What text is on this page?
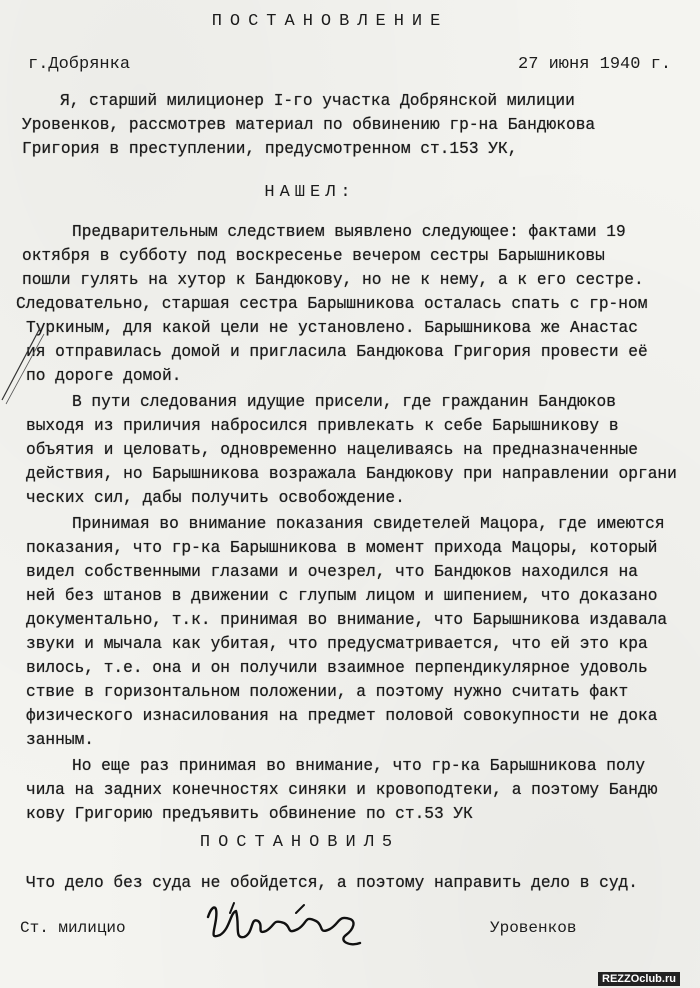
ПОСТАНОВЛЕНИЕ
г.Добрянка	27 июня 1940 г.
Я, старший милиционер I-го участка Добрянской милиции
Уровенков, рассмотрев материал по обвинению гр-на Бандюкова
Григория в преступлении, предусмотренном ст.153 УК,
НАШЕЛ:
Предварительным следствием выявлено следующее: фактами 19
октября в субботу под воскресенье вечером сестры Барышниковы
пошли гулять на хутор к Бандюкову, но не к нему, а к его сестре.
Следовательно, старшая сестра Барышникова осталась спать с гр-ном
Туркиным, для какой цели не установлено. Барышникова же Анастас
ия отправилась домой и пригласила Бандюкова Григория провести её
по дороге домой.
В пути следования идущие присели, где гражданин Бандюков
выходя из приличия набросился привлекать к себе Барышникову в
объятия и целовать, одновременно нацеливаясь на предназначенные
действия, но Барышникова возражала Бандюкову при направлении органи
ческих сил, дабы получить освобождение.
Принимая во внимание показания свидетелей Мацора, где имеются
показания, что гр-ка Барышникова в момент прихода Мацоры, который
видел собственными глазами и очезрел, что Бандюков находился на
ней без штанов в движении с глупым лицом и шипением, что доказано
документально, т.к. принимая во внимание, что Барышникова издавала
звуки и мычала как убитая, что предусматривается, что ей это кра
вилось, т.е. она и он получили взаимное перпендикулярное удоволь
ствие в горизонтальном положении, а поэтому нужно считать факт
физического изнасилования на предмет половой совокупности не дока
занным.
Но еще раз принимая во внимание, что гр-ка Барышникова полу
чила на задних конечностях синяки и кровоподтеки, а поэтому Бандю
кову Григорию предъявить обвинение по ст.53 УК
ПОСТАНОВИЛ5
Что дело без суда не обойдется, а поэтому направить дело в суд.
Ст. милицио	Уровенков
REZZOclub.ru
